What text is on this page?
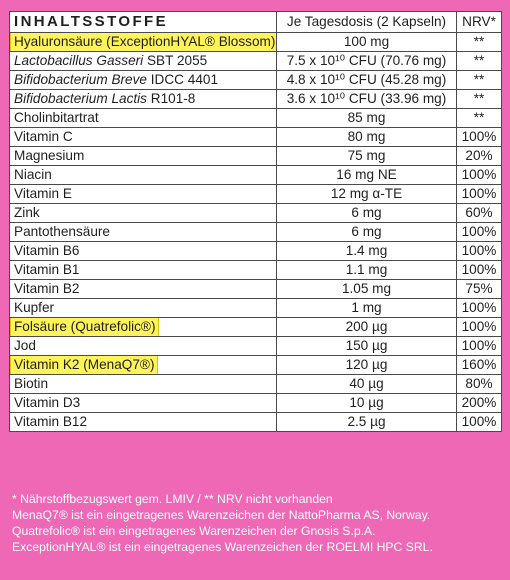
INHALTSSTOFFE	Je Tagesdosis (2 Kapseln)	NRV*
Hyaluronsäure (ExceptionHYAL® Blossom)	100 mg	**
Lactobacillus Gasseri SBT 2055	7.5 x 10¹⁰ CFU (70.76 mg)	**
Bifidobacterium Breve IDCC 4401	4.8 x 10¹⁰ CFU (45.28 mg)	**
Bifidobacterium Lactis R101-8	3.6 x 10¹⁰ CFU (33.96 mg)	**
Cholinbitartrat	85 mg	**
Vitamin C	80 mg	100%
Magnesium	75 mg	20%
Niacin	16 mg NE	100%
Vitamin E	12 mg α-TE	100%
Zink	6 mg	60%
Pantothensäure	6 mg	100%
Vitamin B6	1.4 mg	100%
Vitamin B1	1.1 mg	100%
Vitamin B2	1.05 mg	75%
Kupfer	1 mg	100%
Folsäure (Quatrefolic®)	200 µg	100%
Jod	150 µg	100%
Vitamin K2 (MenaQ7®)	120 µg	160%
Biotin	40 µg	80%
Vitamin D3	10 µg	200%
Vitamin B12	2.5 µg	100%
* Nährstoffbezugswert gem. LMIV / ** NRV nicht vorhanden
MenaQ7® ist ein eingetragenes Warenzeichen der NattoPharma AS, Norway.
Quatrefolic® ist ein eingetragenes Warenzeichen der Gnosis S.p.A.
ExceptionHYAL® ist ein eingetragenes Warenzeichen der ROELMI HPC SRL.
